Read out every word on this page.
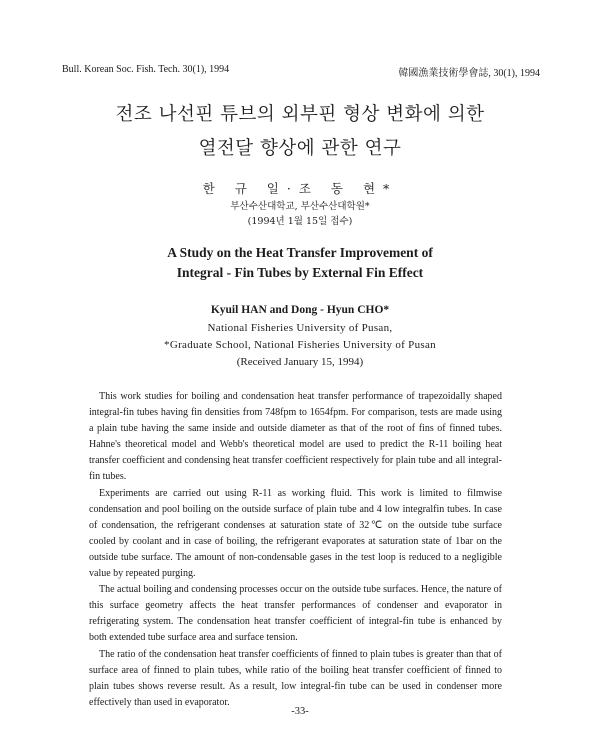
Bull. Korean Soc. Fish. Tech. 30(1), 1994	韓國漁業技術學會誌, 30(1), 1994
전조 나선핀 튜브의 외부핀 형상 변화에 의한
열전달 향상에 관한 연구
한 규 일·조 동 현*
부산수산대학교, 부산수산대학원*
(1994년 1월 15일 접수)
A Study on the Heat Transfer Improvement of
Integral - Fin Tubes by External Fin Effect
Kyuil HAN and Dong - Hyun CHO*
National Fisheries University of Pusan,
*Graduate School, National Fisheries University of Pusan
(Received January 15, 1994)

This work studies for boiling and condensation heat transfer performance of trapezoidally shaped integral-fin tubes having fin densities from 748fpm to 1654fpm. For comparison, tests are made using a plain tube having the same inside and outside diameter as that of the root of fins of finned tubes. Hahne's theoretical model and Webb's theoretical model are used to predict the R-11 boiling heat transfer coefficient and condensing heat transfer coefficient respectively for plain tube and all integral-fin tubes.

Experiments are carried out using R-11 as working fluid. This work is limited to filmwise condensation and pool boiling on the outside surface of plain tube and 4 low integralfin tubes. In case of condensation, the refrigerant condenses at saturation state of 32℃ on the outside tube surface cooled by coolant and in case of boiling, the refrigerant evaporates at saturation state of 1bar on the outside tube surface. The amount of non-condensable gases in the test loop is reduced to a negligible value by repeated purging.

The actual boiling and condensing processes occur on the outside tube surfaces. Hence, the nature of this surface geometry affects the heat transfer performances of condenser and evaporator in refrigerating system. The condensation heat transfer coefficient of integral-fin tube is enhanced by both extended tube surface area and surface tension.

The ratio of the condensation heat transfer coefficients of finned to plain tubes is greater than that of surface area of finned to plain tubes, while ratio of the boiling heat transfer coefficient of finned to plain tubes shows reverse result. As a result, low integral-fin tube can be used in condenser more effectively than used in evaporator.

-33-
